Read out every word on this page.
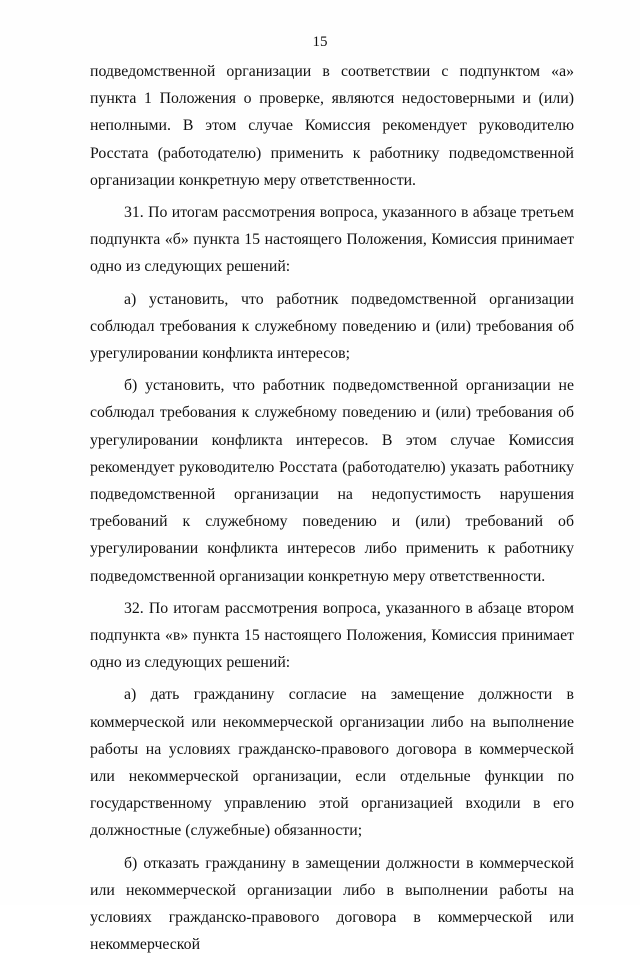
15

подведомственной организации в соответствии с подпунктом «а» пункта 1 Положения о проверке, являются недостоверными и (или) неполными. В этом случае Комиссия рекомендует руководителю Росстата (работодателю) применить к работнику подведомственной организации конкретную меру ответственности.

31. По итогам рассмотрения вопроса, указанного в абзаце третьем подпункта «б» пункта 15 настоящего Положения, Комиссия принимает одно из следующих решений:

а) установить, что работник подведомственной организации соблюдал требования к служебному поведению и (или) требования об урегулировании конфликта интересов;

б) установить, что работник подведомственной организации не соблюдал требования к служебному поведению и (или) требования об урегулировании конфликта интересов. В этом случае Комиссия рекомендует руководителю Росстата (работодателю) указать работнику подведомственной организации на недопустимость нарушения требований к служебному поведению и (или) требований об урегулировании конфликта интересов либо применить к работнику подведомственной организации конкретную меру ответственности.

32. По итогам рассмотрения вопроса, указанного в абзаце втором подпункта «в» пункта 15 настоящего Положения, Комиссия принимает одно из следующих решений:

а) дать гражданину согласие на замещение должности в коммерческой или некоммерческой организации либо на выполнение работы на условиях гражданско-правового договора в коммерческой или некоммерческой организации, если отдельные функции по государственному управлению этой организацией входили в его должностные (служебные) обязанности;

б) отказать гражданину в замещении должности в коммерческой или некоммерческой организации либо в выполнении работы на условиях гражданско-правового договора в коммерческой или некоммерческой
